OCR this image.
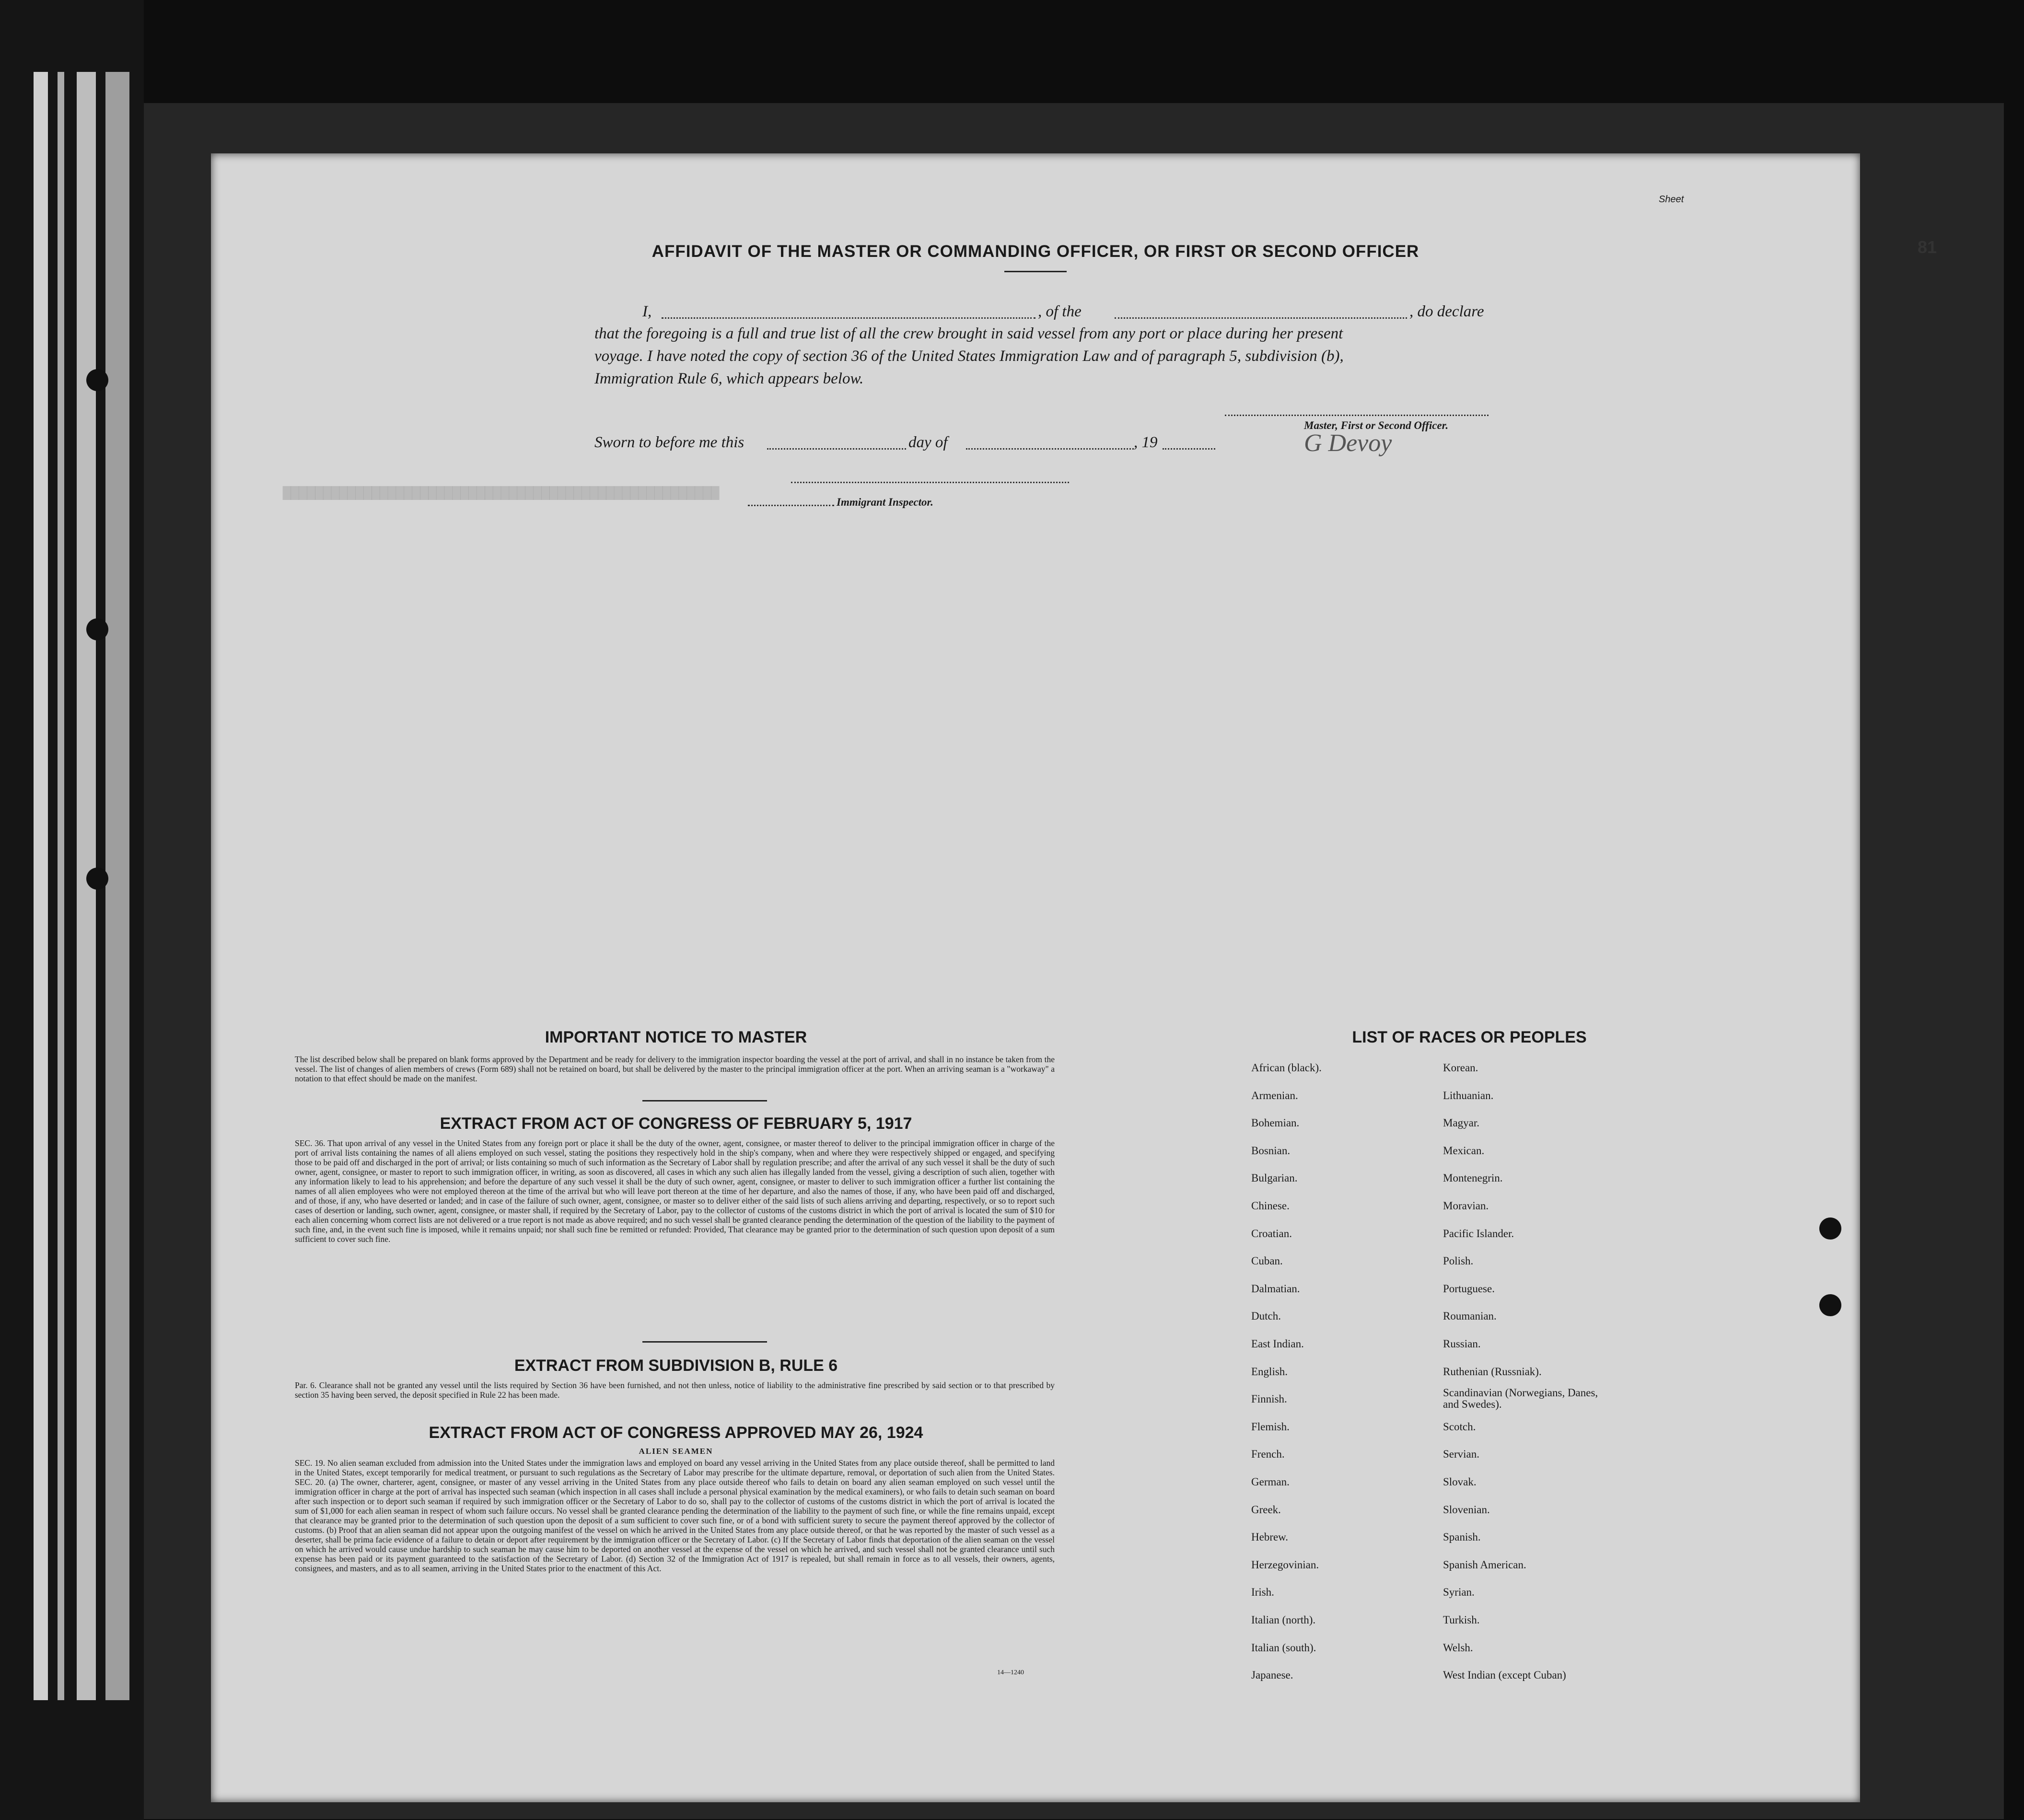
▇▇▇▇▇▇▇▇▇▇▇▇▇▇▇▇▇▇▇▇▇▇▇▇▇▇▇▇▇▇▇▇▇▇▇▇▇▇▇▇▇▇▇▇▇▇▇▇▇▇▇▇▇▇
Sheet
81
AFFIDAVIT OF THE MASTER OR COMMANDING OFFICER, OR FIRST OR SECOND OFFICER
I,	, of the	, do declare
that the foregoing is a full and true list of all the crew brought in said vessel from any port or place during her present
voyage. I have noted the copy of section 36 of the United States Immigration Law and of paragraph 5, subdivision (b),
Immigration Rule 6, which appears below.
Master, First or Second Officer.
G Devoy
Sworn to before me this	day of	, 19
Immigrant Inspector.
IMPORTANT NOTICE TO MASTER
The list described below shall be prepared on blank forms approved by the Department and be ready for delivery to the immigration inspector boarding the vessel at the port of arrival, and shall in no instance be taken from the vessel. The list of changes of alien members of crews (Form 689) shall not be retained on board, but shall be delivered by the master to the principal immigration officer at the port. When an arriving seaman is a "workaway" a notation to that effect should be made on the manifest.
EXTRACT FROM ACT OF CONGRESS OF FEBRUARY 5, 1917
SEC. 36. That upon arrival of any vessel in the United States from any foreign port or place it shall be the duty of the owner, agent, consignee, or master thereof to deliver to the principal immigration officer in charge of the port of arrival lists containing the names of all aliens employed on such vessel, stating the positions they respectively hold in the ship's company, when and where they were respectively shipped or engaged, and specifying those to be paid off and discharged in the port of arrival; or lists containing so much of such information as the Secretary of Labor shall by regulation prescribe; and after the arrival of any such vessel it shall be the duty of such owner, agent, consignee, or master to report to such immigration officer, in writing, as soon as discovered, all cases in which any such alien has illegally landed from the vessel, giving a description of such alien, together with any information likely to lead to his apprehension; and before the departure of any such vessel it shall be the duty of such owner, agent, consignee, or master to deliver to such immigration officer a further list containing the names of all alien employees who were not employed thereon at the time of the arrival but who will leave port thereon at the time of her departure, and also the names of those, if any, who have been paid off and discharged, and of those, if any, who have deserted or landed; and in case of the failure of such owner, agent, consignee, or master so to deliver either of the said lists of such aliens arriving and departing, respectively, or so to report such cases of desertion or landing, such owner, agent, consignee, or master shall, if required by the Secretary of Labor, pay to the collector of customs of the customs district in which the port of arrival is located the sum of $10 for each alien concerning whom correct lists are not delivered or a true report is not made as above required; and no such vessel shall be granted clearance pending the determination of the question of the liability to the payment of such fine, and, in the event such fine is imposed, while it remains unpaid; nor shall such fine be remitted or refunded: Provided, That clearance may be granted prior to the determination of such question upon deposit of a sum sufficient to cover such fine.
EXTRACT FROM SUBDIVISION B, RULE 6
Par. 6. Clearance shall not be granted any vessel until the lists required by Section 36 have been furnished, and not then unless, notice of liability to the administrative fine prescribed by said section or to that prescribed by section 35 having been served, the deposit specified in Rule 22 has been made.
EXTRACT FROM ACT OF CONGRESS APPROVED MAY 26, 1924
ALIEN SEAMEN
SEC. 19. No alien seaman excluded from admission into the United States under the immigration laws and employed on board any vessel arriving in the United States from any place outside thereof, shall be permitted to land in the United States, except temporarily for medical treatment, or pursuant to such regulations as the Secretary of Labor may prescribe for the ultimate departure, removal, or deportation of such alien from the United States. SEC. 20. (a) The owner, charterer, agent, consignee, or master of any vessel arriving in the United States from any place outside thereof who fails to detain on board any alien seaman employed on such vessel until the immigration officer in charge at the port of arrival has inspected such seaman (which inspection in all cases shall include a personal physical examination by the medical examiners), or who fails to detain such seaman on board after such inspection or to deport such seaman if required by such immigration officer or the Secretary of Labor to do so, shall pay to the collector of customs of the customs district in which the port of arrival is located the sum of $1,000 for each alien seaman in respect of whom such failure occurs. No vessel shall be granted clearance pending the determination of the liability to the payment of such fine, or while the fine remains unpaid, except that clearance may be granted prior to the determination of such question upon the deposit of a sum sufficient to cover such fine, or of a bond with sufficient surety to secure the payment thereof approved by the collector of customs. (b) Proof that an alien seaman did not appear upon the outgoing manifest of the vessel on which he arrived in the United States from any place outside thereof, or that he was reported by the master of such vessel as a deserter, shall be prima facie evidence of a failure to detain or deport after requirement by the immigration officer or the Secretary of Labor. (c) If the Secretary of Labor finds that deportation of the alien seaman on the vessel on which he arrived would cause undue hardship to such seaman he may cause him to be deported on another vessel at the expense of the vessel on which he arrived, and such vessel shall not be granted clearance until such expense has been paid or its payment guaranteed to the satisfaction of the Secretary of Labor. (d) Section 32 of the Immigration Act of 1917 is repealed, but shall remain in force as to all vessels, their owners, agents, consignees, and masters, and as to all seamen, arriving in the United States prior to the enactment of this Act.
14—1240
LIST OF RACES OR PEOPLES
African (black).
Armenian.
Bohemian.
Bosnian.
Bulgarian.
Chinese.
Croatian.
Cuban.
Dalmatian.
Dutch.
East Indian.
English.
Finnish.
Flemish.
French.
German.
Greek.
Hebrew.
Herzegovinian.
Irish.
Italian (north).
Italian (south).
Japanese.
Korean.
Lithuanian.
Magyar.
Mexican.
Montenegrin.
Moravian.
Pacific Islander.
Polish.
Portuguese.
Roumanian.
Russian.
Ruthenian (Russniak).
Scandinavian (Norwegians, Danes, and Swedes).
Scotch.
Servian.
Slovak.
Slovenian.
Spanish.
Spanish American.
Syrian.
Turkish.
Welsh.
West Indian (except Cuban)
